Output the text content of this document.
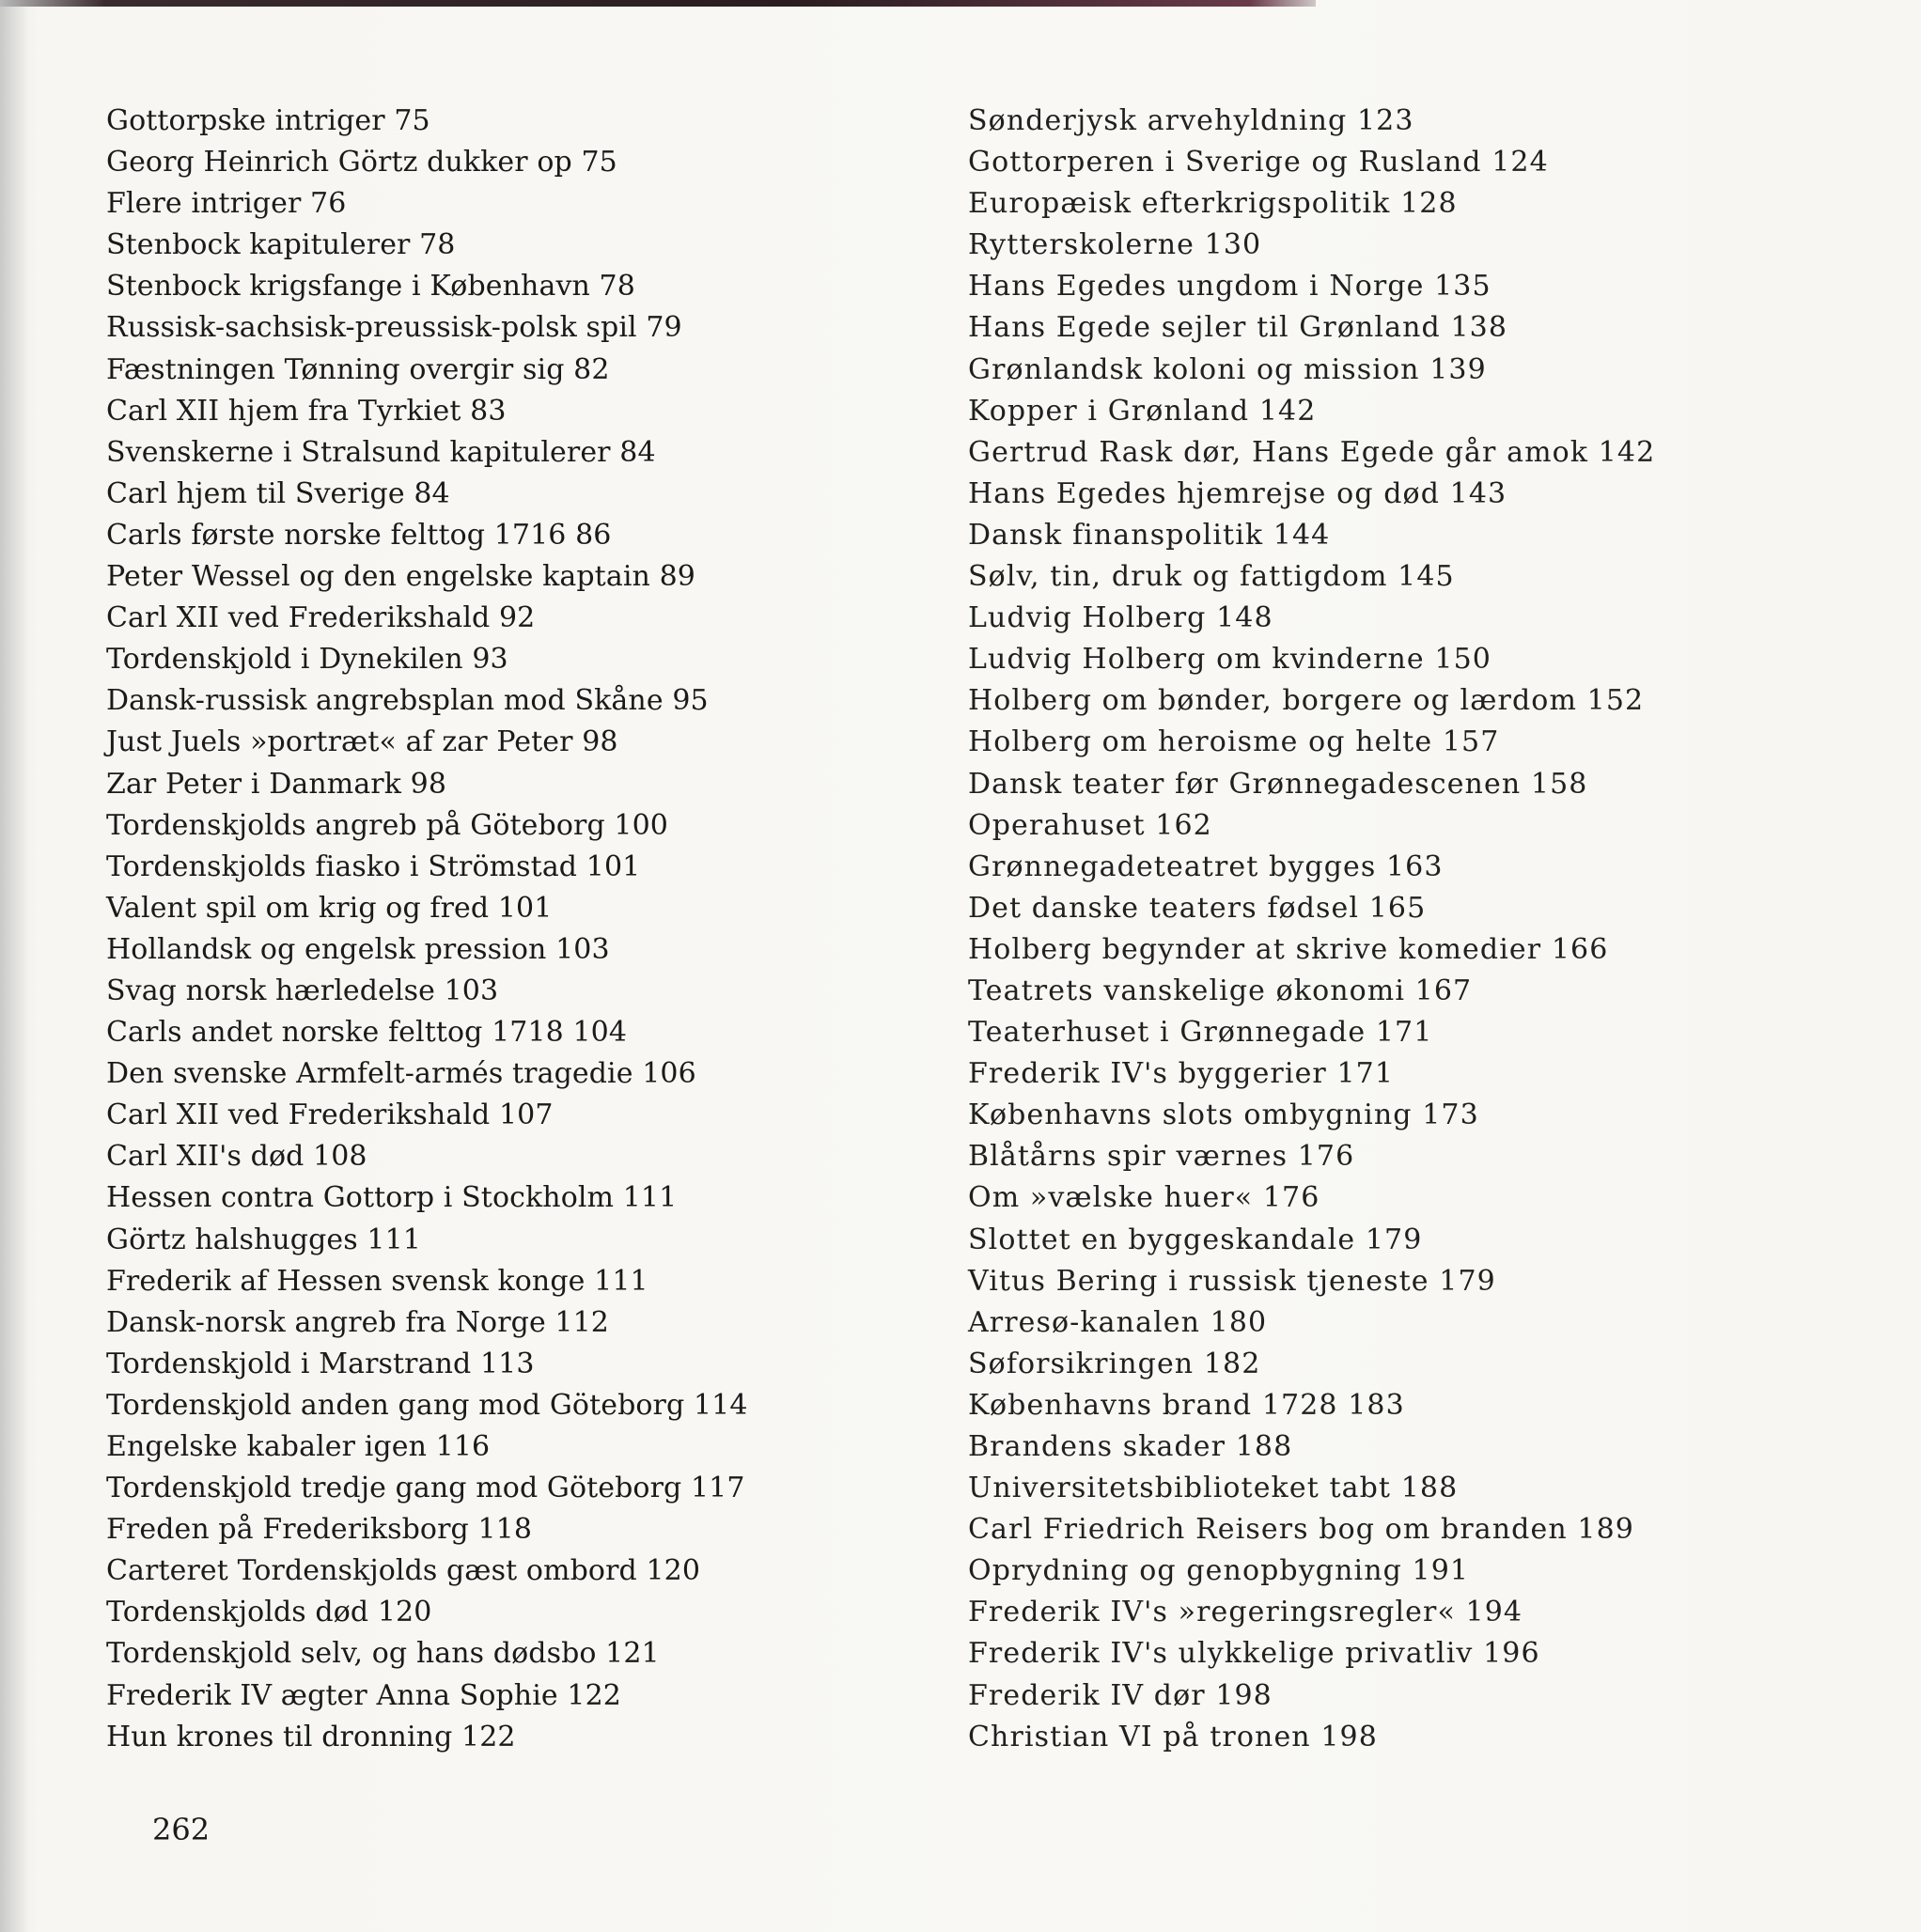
Gottorpske intriger 75
Georg Heinrich Görtz dukker op 75
Flere intriger 76
Stenbock kapitulerer 78
Stenbock krigsfange i København 78
Russisk-sachsisk-preussisk-polsk spil 79
Fæstningen Tønning overgir sig 82
Carl XII hjem fra Tyrkiet 83
Svenskerne i Stralsund kapitulerer 84
Carl hjem til Sverige 84
Carls første norske felttog 1716 86
Peter Wessel og den engelske kaptain 89
Carl XII ved Frederikshald 92
Tordenskjold i Dynekilen 93
Dansk-russisk angrebsplan mod Skåne 95
Just Juels »portræt« af zar Peter 98
Zar Peter i Danmark 98
Tordenskjolds angreb på Göteborg 100
Tordenskjolds fiasko i Strömstad 101
Valent spil om krig og fred 101
Hollandsk og engelsk pression 103
Svag norsk hærledelse 103
Carls andet norske felttog 1718 104
Den svenske Armfelt-armés tragedie 106
Carl XII ved Frederikshald 107
Carl XII's død 108
Hessen contra Gottorp i Stockholm 111
Görtz halshugges 111
Frederik af Hessen svensk konge 111
Dansk-norsk angreb fra Norge 112
Tordenskjold i Marstrand 113
Tordenskjold anden gang mod Göteborg 114
Engelske kabaler igen 116
Tordenskjold tredje gang mod Göteborg 117
Freden på Frederiksborg 118
Carteret Tordenskjolds gæst ombord 120
Tordenskjolds død 120
Tordenskjold selv, og hans dødsbo 121
Frederik IV ægter Anna Sophie 122
Hun krones til dronning 122
Sønderjysk arvehyldning 123
Gottorperen i Sverige og Rusland 124
Europæisk efterkrigspolitik 128
Rytterskolerne 130
Hans Egedes ungdom i Norge 135
Hans Egede sejler til Grønland 138
Grønlandsk koloni og mission 139
Kopper i Grønland 142
Gertrud Rask dør, Hans Egede går amok 142
Hans Egedes hjemrejse og død 143
Dansk finanspolitik 144
Sølv, tin, druk og fattigdom 145
Ludvig Holberg 148
Ludvig Holberg om kvinderne 150
Holberg om bønder, borgere og lærdom 152
Holberg om heroisme og helte 157
Dansk teater før Grønnegadescenen 158
Operahuset 162
Grønnegadeteatret bygges 163
Det danske teaters fødsel 165
Holberg begynder at skrive komedier 166
Teatrets vanskelige økonomi 167
Teaterhuset i Grønnegade 171
Frederik IV's byggerier 171
Københavns slots ombygning 173
Blåtårns spir værnes 176
Om »vælske huer« 176
Slottet en byggeskandale 179
Vitus Bering i russisk tjeneste 179
Arresø-kanalen 180
Søforsikringen 182
Københavns brand 1728 183
Brandens skader 188
Universitetsbiblioteket tabt 188
Carl Friedrich Reisers bog om branden 189
Oprydning og genopbygning 191
Frederik IV's »regeringsregler« 194
Frederik IV's ulykkelige privatliv 196
Frederik IV dør 198
Christian VI på tronen 198
262
